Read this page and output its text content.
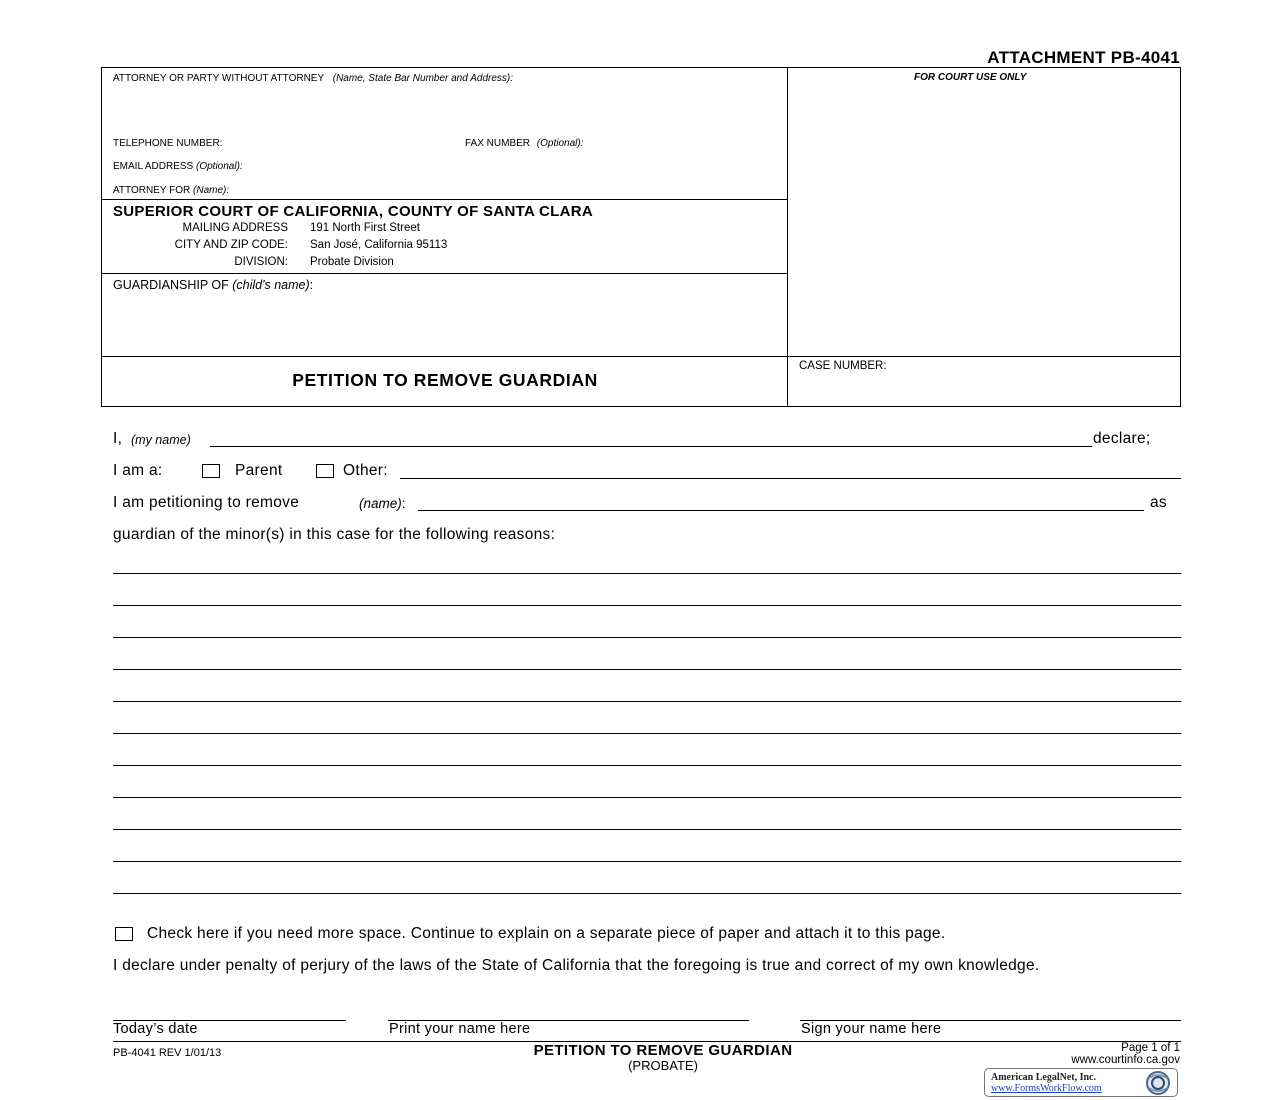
ATTACHMENT PB-4041
ATTORNEY OR PARTY WITHOUT ATTORNEY (Name, State Bar Number and Address):	FOR COURT USE ONLY
TELEPHONE NUMBER:	FAX NUMBER (Optional):
EMAIL ADDRESS (Optional):
ATTORNEY FOR (Name):
SUPERIOR COURT OF CALIFORNIA, COUNTY OF SANTA CLARA
MAILING ADDRESS 191 North First Street
CITY AND ZIP CODE: San José, California 95113
DIVISION: Probate Division
GUARDIANSHIP OF (child's name):
PETITION TO REMOVE GUARDIAN
CASE NUMBER:
I, (my name)	declare;
I am a:	Parent	Other:
I am petitioning to remove	(name):	as
guardian of the minor(s) in this case for the following reasons:
Check here if you need more space. Continue to explain on a separate piece of paper and attach it to this page.
I declare under penalty of perjury of the laws of the State of California that the foregoing is true and correct of my own knowledge.
Today’s date	Print your name here	Sign your name here
PB-4041 REV 1/01/13	PETITION TO REMOVE GUARDIAN
(PROBATE)
Page 1 of 1
www.courtinfo.ca.gov
American LegalNet, Inc.
www.FormsWorkFlow.com
